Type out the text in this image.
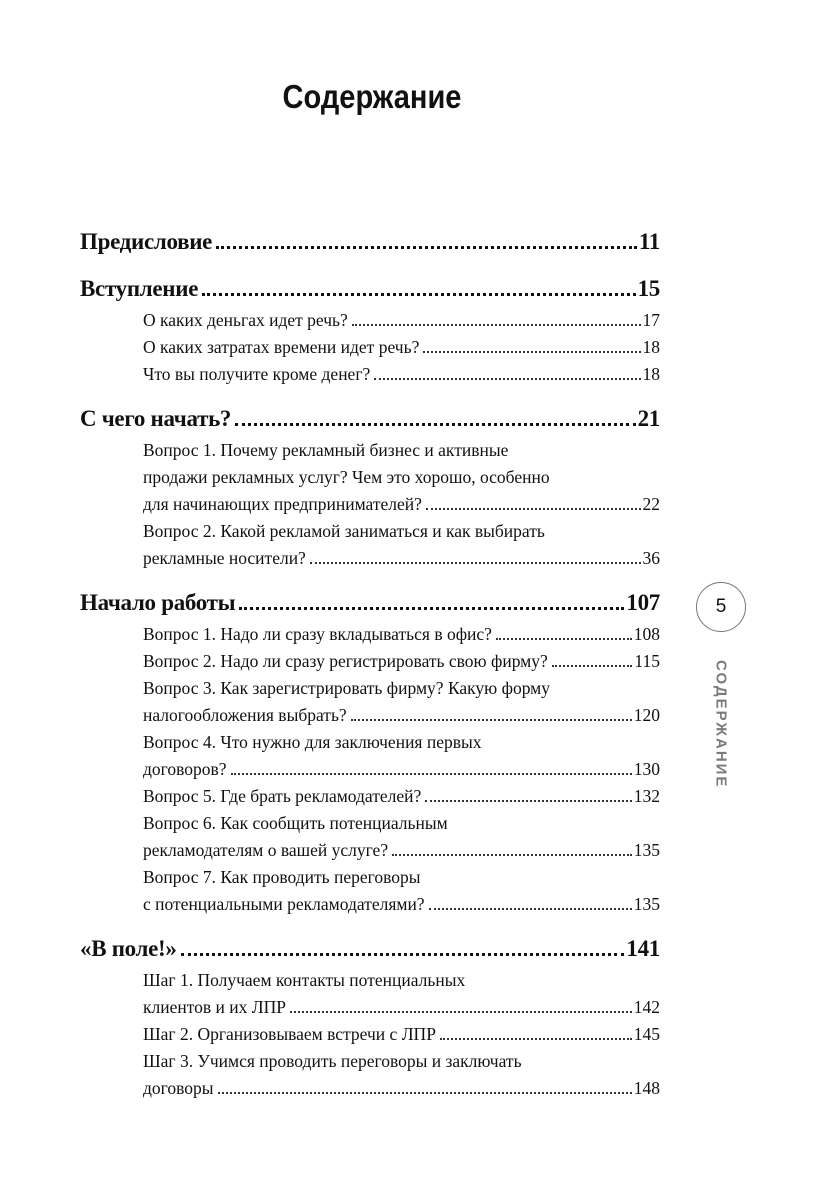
Содержание
Предисловие	11
Вступление	15
О каких деньгах идет речь?	17
О каких затратах времени идет речь?	18
Что вы получите кроме денег?	18
С чего начать?	21
Вопрос 1. Почему рекламный бизнес и активные
продажи рекламных услуг? Чем это хорошо, особенно
для начинающих предпринимателей?	22
Вопрос 2. Какой рекламой заниматься и как выбирать
рекламные носители?	36
Начало работы	107
Вопрос 1. Надо ли сразу вкладываться в офис?	108
Вопрос 2. Надо ли сразу регистрировать свою фирму?	115
Вопрос 3. Как зарегистрировать фирму? Какую форму
налогообложения выбрать?	120
Вопрос 4. Что нужно для заключения первых
договоров?	130
Вопрос 5. Где брать рекламодателей?	132
Вопрос 6. Как сообщить потенциальным
рекламодателям о вашей услуге?	135
Вопрос 7. Как проводить переговоры
с потенциальными рекламодателями?	135
«В поле!»	141
Шаг 1. Получаем контакты потенциальных
клиентов и их ЛПР	142
Шаг 2. Организовываем встречи с ЛПР	145
Шаг 3. Учимся проводить переговоры и заключать
договоры	148
5
СОДЕРЖАНИЕ
